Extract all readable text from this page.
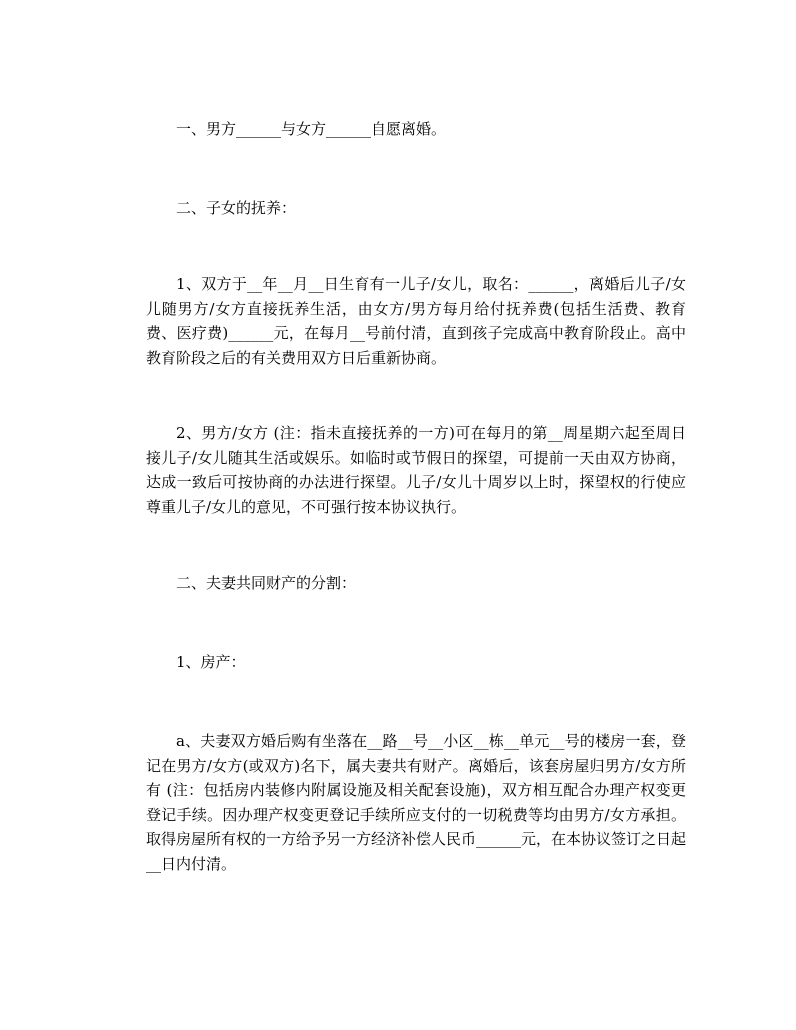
一、男方______与女方______自愿离婚。

二、子女的抚养：

1、双方于__年__月__日生育有一儿子/女儿，取名：______，离婚后儿子/女儿随男方/女方直接抚养生活，由女方/男方每月给付抚养费(包括生活费、教育费、医疗费)______元，在每月__号前付清，直到孩子完成高中教育阶段止。高中教育阶段之后的有关费用双方日后重新协商。

2、男方/女方 (注：指未直接抚养的一方)可在每月的第__周星期六起至周日接儿子/女儿随其生活或娱乐。如临时或节假日的探望，可提前一天由双方协商，达成一致后可按协商的办法进行探望。儿子/女儿十周岁以上时，探望权的行使应尊重儿子/女儿的意见，不可强行按本协议执行。

二、夫妻共同财产的分割：

1、房产：

a、夫妻双方婚后购有坐落在__路__号__小区__栋__单元__号的楼房一套，登记在男方/女方(或双方)名下，属夫妻共有财产。离婚后，该套房屋归男方/女方所有 (注：包括房内装修内附属设施及相关配套设施)，双方相互配合办理产权变更登记手续。因办理产权变更登记手续所应支付的一切税费等均由男方/女方承担。取得房屋所有权的一方给予另一方经济补偿人民币______元，在本协议签订之日起__日内付清。
